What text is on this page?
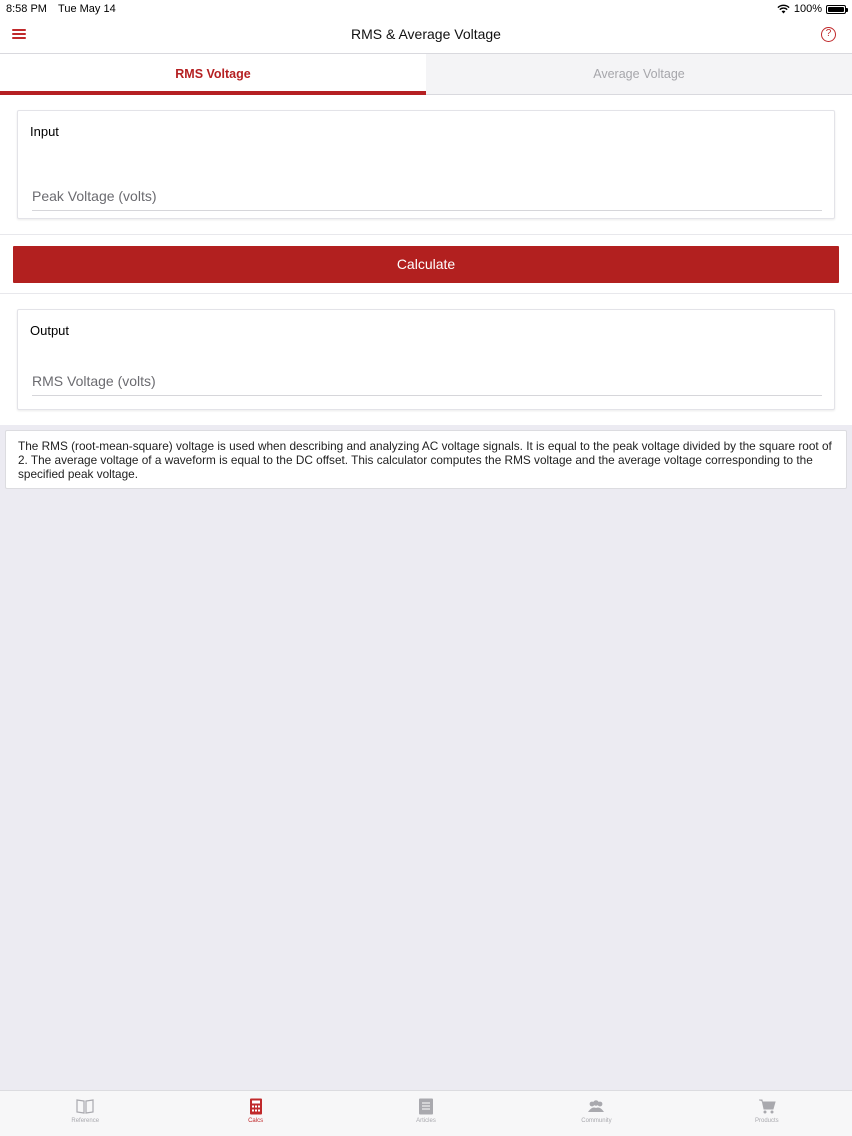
8:58 PM Tue May 14	100%
RMS & Average Voltage	?
RMS Voltage	Average Voltage
Input
Peak Voltage (volts)
Calculate
Output
RMS Voltage (volts)
The RMS (root-mean-square) voltage is used when describing and analyzing AC voltage signals. It is equal to the peak voltage divided by the square root of 2. The average voltage of a waveform is equal to the DC offset. This calculator computes the RMS voltage and the average voltage corresponding to the specified peak voltage.
Reference	Calcs	Articles	Community	Products
